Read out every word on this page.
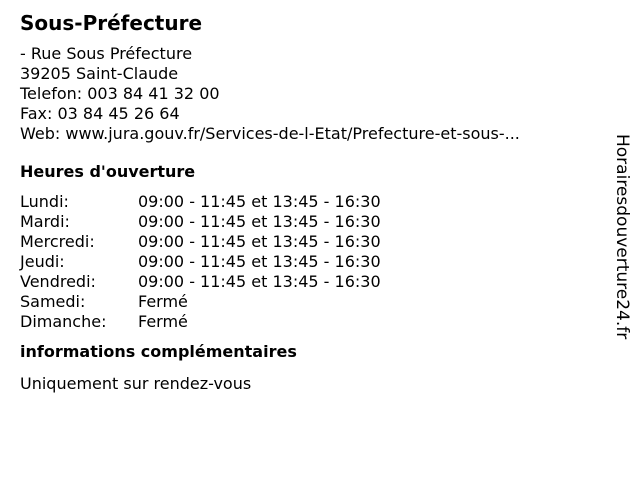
Sous-Préfecture
- Rue Sous Préfecture
39205 Saint-Claude
Telefon: 003 84 41 32 00
Fax: 03 84 45 26 64
Web: www.jura.gouv.fr/Services-de-l-Etat/Prefecture-et-sous-...
Heures d'ouverture
Lundi:	09:00 - 11:45 et 13:45 - 16:30
Mardi:	09:00 - 11:45 et 13:45 - 16:30
Mercredi:	09:00 - 11:45 et 13:45 - 16:30
Jeudi:	09:00 - 11:45 et 13:45 - 16:30
Vendredi:	09:00 - 11:45 et 13:45 - 16:30
Samedi:	Fermé
Dimanche:	Fermé
informations complémentaires
Uniquement sur rendez-vous
Horairesdouverture24.fr
